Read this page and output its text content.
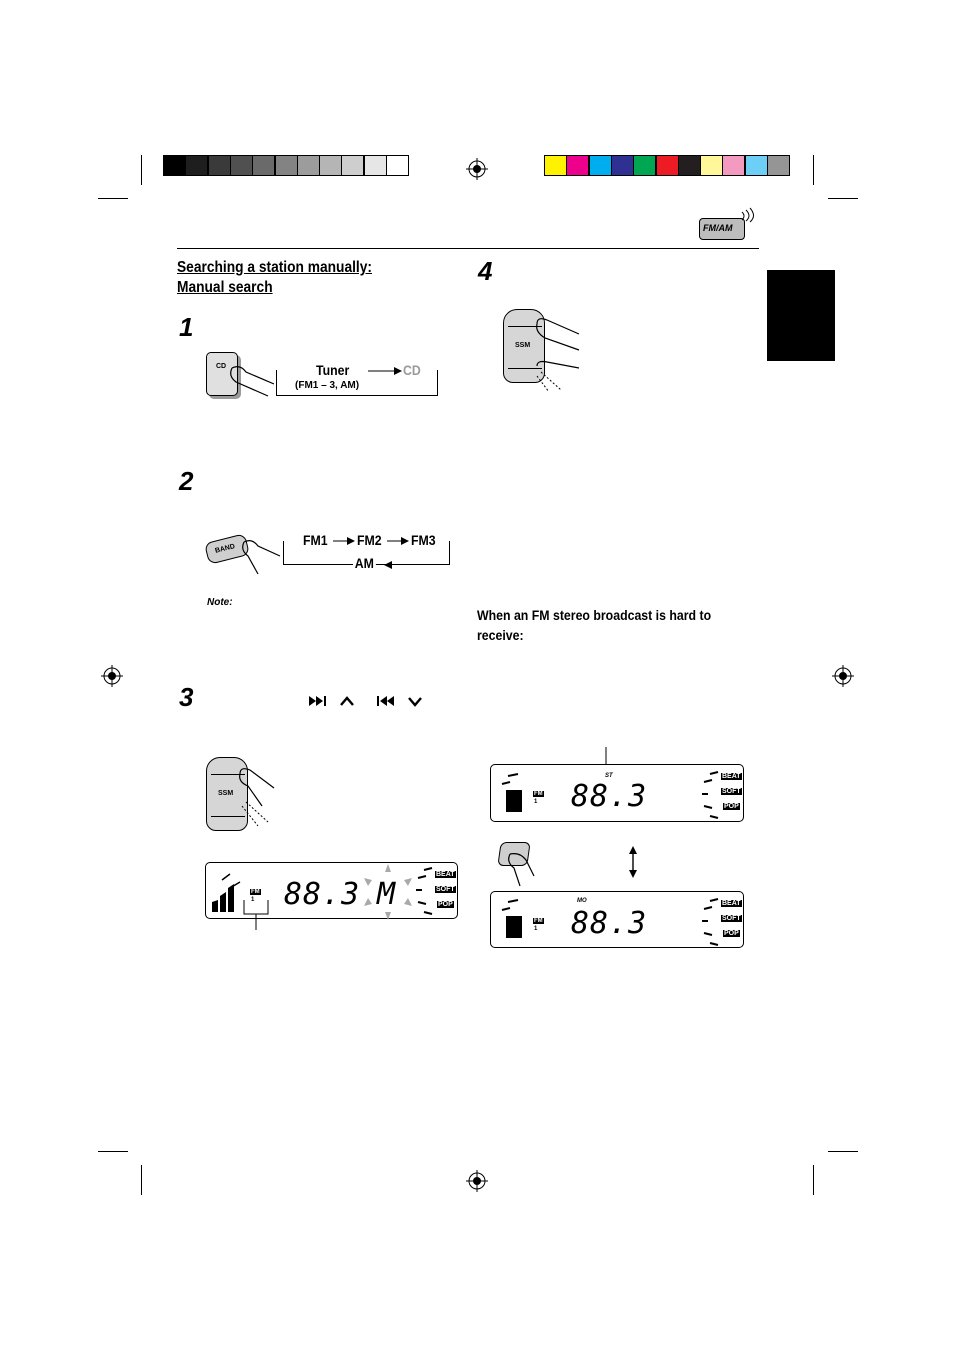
FM/AM
Searching a station manually:
Manual search
1
2
3
4
CD	Tuner	CD
(FM1 – 3, AM)
BAND
FM1 FM2 FM3
AM
Note:
SSM
FM
1 88.3 M
BEAT
SOFT
POP
SSM
When an FM stereo broadcast is hard to
receive:
ST
FM
1 88.3
BEAT
SOFT
POP
MO
FM
1 88.3
BEAT
SOFT
POP
